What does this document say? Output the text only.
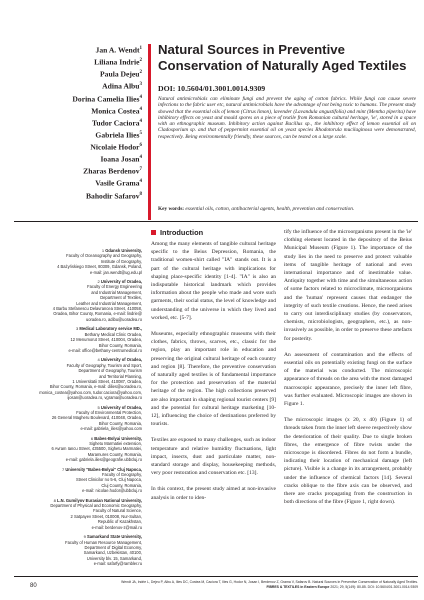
Jan A. Wendt$^1$
Liliana Indrie$^2$
Paula Dejeu$^2$
Adina Albu$^3$
Dorina Camelia Ilies$^4$
Monica Costea$^4$
Tudor Caciora$^4$
Gabriela Ilies$^5$
Nicolaie Hodor$^6$
Ioana Josan$^4$
Zharas Berdenov$^7$
Vasile Grama$^4$
Bahodir Safarov$^8$
Natural Sources in Preventive Conservation of Naturally Aged Textiles
DOI: 10.5604/01.3001.0014.9309
Natural antimicrobials can eliminate fungi and prevent the aging of cotton fabrics. While fungi can cause severe infections to the fabric user etc, natural antimicrobials have the advantage of not being toxic to humans. The present study showed that the essential oils of lemon (Citrus limon), lavender (Lavandula angustifolia) and mint (Mentha piperita) have inhibitory effects on yeast and mould spores on a piece of textile from Romanian cultural heritage, 'ie', stored in a space with an ethnographic museum. Inhibitory action against Bacillus sp., the inhibitory effect of lemon essential oil on Cladosporium sp. and that of peppermint essential oil on yeast species Rhodotorula mucilaginosa were demonstrated, respectively. Being environmentally friendly, these sources, can be tested on a large scale.
Key words: essential oils, cotton, antibacterial agents, health, prevention and conservation.
1 Gdansk University,
Faculty of Oceanography and Geography,
Institute of Geography,
4 Bażyńskiego Street, 80309, Gdansk, Poland,
e-mail: jan.wendt@ug.edu.pl
2 University of Oradea,
Faculty of Energy Engineering
and Industrial Management,
Department of Textiles,
Leather and Industrial Management,
4 Barbu Stefanescu Delavrancea Street, 410058,
Oradea, Bihor County, Romania, e-mail: lindrie@
uoradea.ro, adibu@uoradea.ro
3 Medical Laboratory service MD.,
Bethany Medical Clinic Oradea,
12 Menumorut Street, 410004, Oradea,
Bihor County, Romania,
e-mail: office@bethany-centrumedical.ro
4 University of Oradea,
Faculty of Geography, Tourism and Sport,
Department of Geography, Tourism
and Territorial Planning,
1 Universitatii Street, 410087, Oradea,
Bihor County, Romania, e-mail: dilies@uoradea.ro,
monica_costea@yahoo.com, tudor.caciora@yahoo.com,
ijosan@uoradea.ro, vgrama@uoradea.ro
5 University of Oradea,
Faculty of Environmental Protection,
26 General Magheru Boulevard, 410048, Oradea,
Bihor County, Romania,
e-mail: gabriela_ilies@yahoo.com
6 Babes-Bolyai University,
Sighetu Marmatiei extension,
6 Avram Iancu Street, 435500, Sighetu Marmatiei,
Maramures County, Romania,
e-mail: gabriela.ilies@geografie.ubbcluj.ro
7 University "Babes-Bolyai" Cluj Napoca,
Faculty of Geography,
Street Clinicilor no 5-6, Cluj Napoca,
Cluj County, Romania,
e-mail: nicolae.hodor@ubbcluj.ro
8 L.N. Gumilyov Eurasian National University,
Department of Physical and Economic Geography,
Faculty of Natural Science,
2 Satpayev Street, 010008, Nur-Sultan,
Republic of Kazakhstan,
e-mail: berdenov-z@mail.ru
9 Samarkand State University,
Faculty of Human Resource Management,
Department of Digital Economy,
Samarkand, Uzbekistan, 40100,
University blv. 15, Samarkand,
e-mail: safarfy@rambler.ru
Introduction

Among the many elements of tangible cultural heritage specific to the Beius Depression, Romania, the traditional women-shirt called "IA" stands out. It is a part of the cultural heritage with implications for shaping place-specific identity [1-4]. "IA" is also an indisputable historical landmark which provides information about the people who made and wore such garments, their social status, the level of knowledge and understanding of the universe in which they lived and worked, etc. [5-7].

Museums, especially ethnographic museums with their clothes, fabrics, throws, scarves, etc., classic for the region, play an important role in education and preserving the original cultural heritage of each country and region [8]. Therefore, the preventive conservation of naturally aged textiles is of fundamental importance for the protection and preservation of the material heritage of the region. The high collections preserved are also important in shaping regional tourist centers [9] and the potential for cultural heritage marketing [10-12], influencing the choice of destinations preferred by tourists.

Textiles are exposed to many challenges, such as indoor temperature and relative humidity fluctuations, light impact, insects, dust and particulate matter, non-standard storage and display, housekeeping methods, very poor restoration and conservation etc. [13].

In this context, the present study aimed at non-invasive analysis in order to iden-

tify the influence of the microorganisms present in the 'ie' clothing element located in the depository of the Beius Municipal Museum (Figure 1). The importance of the study lies in the need to preserve and protect valuable items of tangible heritage of national and even international importance and of inestimable value. Antiquity together with time and the simultaneous action of some factors related to microclimate, microorganisms and the 'human' represent causes that endanger the integrity of such textile creations. Hence, the need arises to carry out interdisciplinary studies (by conservators, chemists, microbiologists, geographers, etc.), as non-invasively as possible, in order to preserve these artefacts for posterity.

An assessment of contamination and the effects of essential oils on potentially existing fungi on the surface of the material was conducted. The microscopic appearance of threads on the area with the most damaged macroscopic appearance, precisely the inner left fibre, was further evaluated. Microscopic images are shown in Figure 1.

The microscopic images (x 20, x 40) (Figure 1) of threads taken from the inner left sleeve respectively show the deterioration of their quality. Due to single broken fibres, the emergence of fibre twists under the microscope is disordered. Fibres do not form a bundle, indicating their location of mechanical damage (left picture). Visible is a change in its arrangement, probably under the influence of chemical factors [14]. Several cracks oblique to the fibre axis can be observed, and there are cracks propagating from the construction in both directions of the fibre (Figure 1, right down).

80
Wendt JA, Indrie L, Dejeu P, Albu A, Ilies DC, Costea M, Caciora T, Ilies G, Hodor N, Josan I, Berdenov Z, Grama V, Safarov B. Natural Sources in Preventive Conservation of Naturally Aged Textiles.
FIBRES & TEXTILES in Eastern Europe 2021; 29, 5(149): 80-85. DOI: 10.5604/01.3001.0014.9309
